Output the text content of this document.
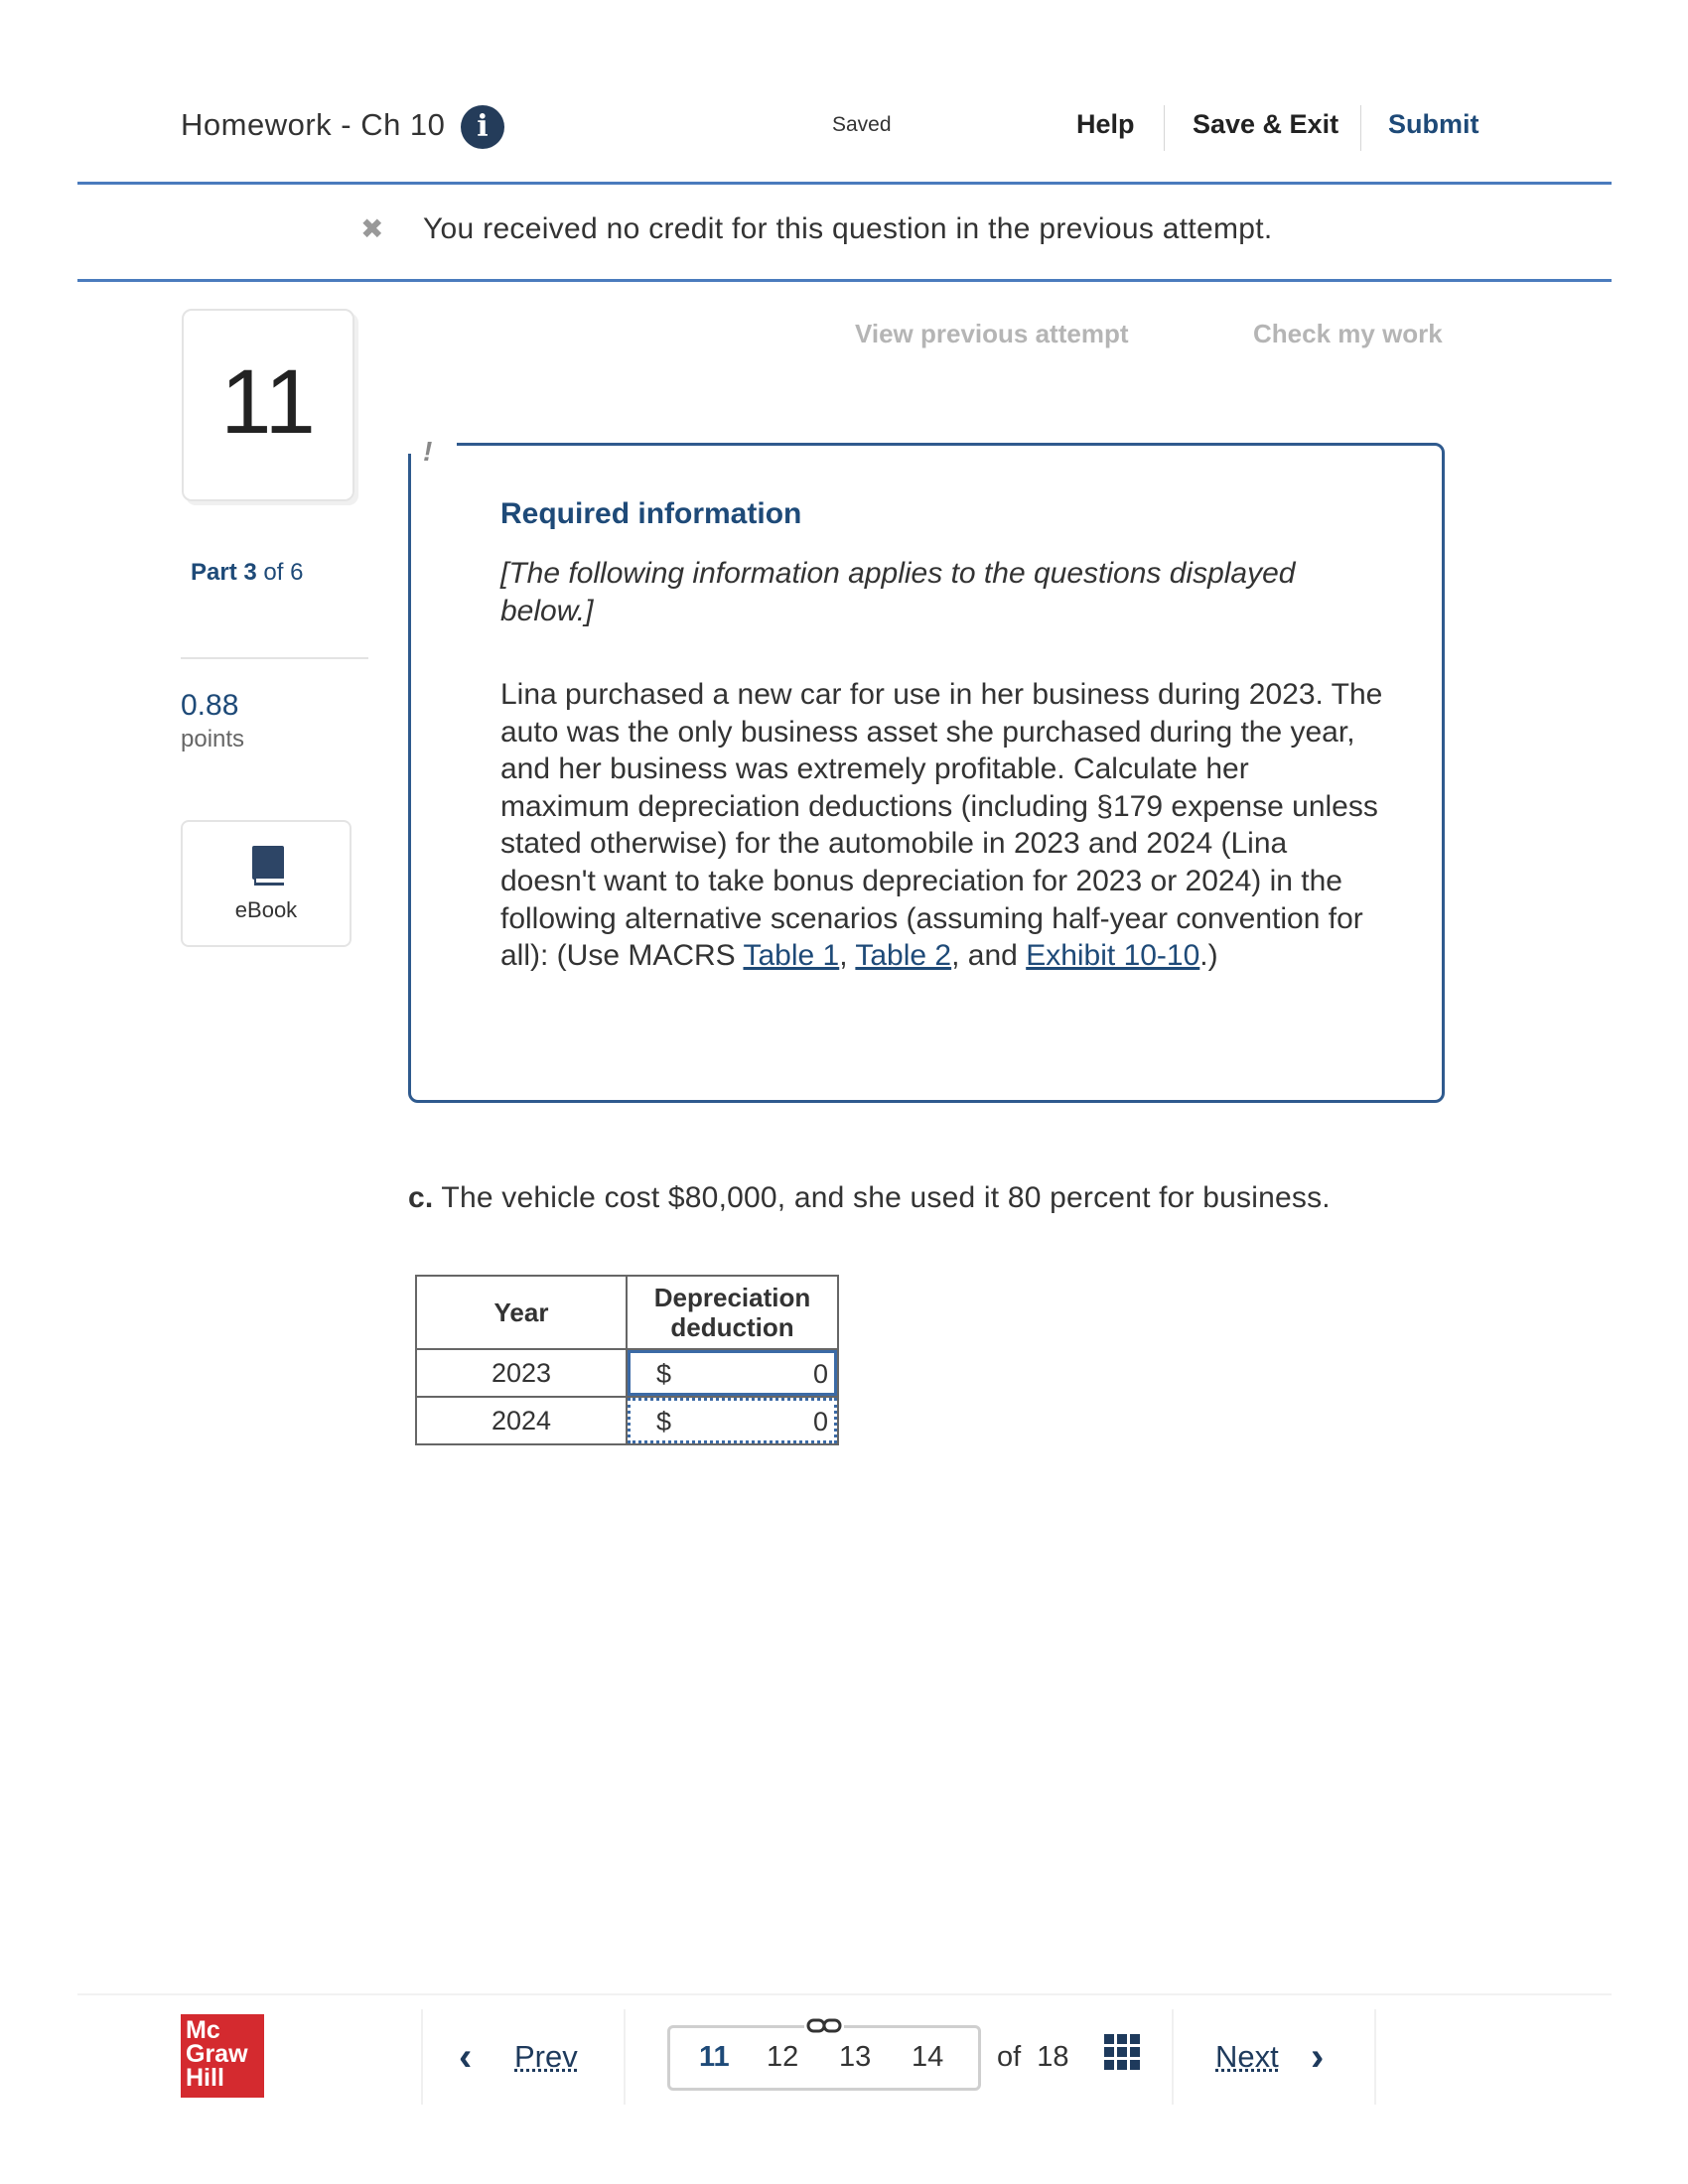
Homework - Ch 10	i	Saved	Help Save & Exit Submit
✖ You received no credit for this question in the previous attempt.
11
Part 3 of 6
0.88
points
eBook
View previous attempt	Check my work
!
Required information
[The following information applies to the questions displayed below.]
Lina purchased a new car for use in her business during 2023. The auto was the only business asset she purchased during the year, and her business was extremely profitable. Calculate her maximum depreciation deductions (including §179 expense unless stated otherwise) for the automobile in 2023 and 2024 (Lina doesn't want to take bonus depreciation for 2023 or 2024) in the following alternative scenarios (assuming half-year convention for all): (Use MACRS Table 1, Table 2, and Exhibit 10-10.)
c. The vehicle cost $80,000, and she used it 80 percent for business.
Year	Depreciation deduction
2023	$ 0

2024	$ 0
Mc
Graw
Hill	‹ Prev	11 12 13 14 of  18	Next ›
